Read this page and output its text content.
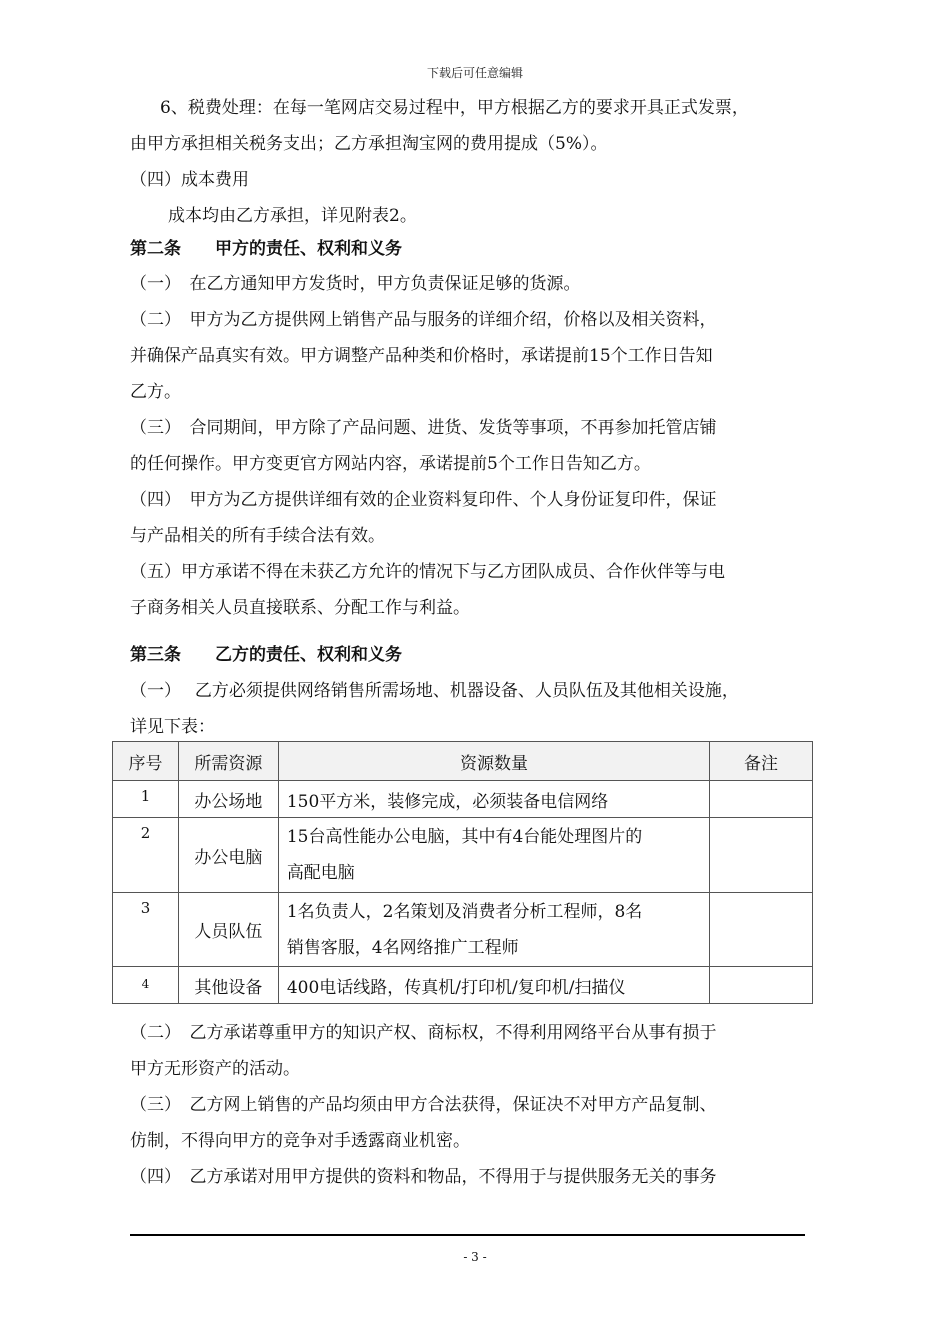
下载后可任意编辑
6、税费处理：在每一笔网店交易过程中，甲方根据乙方的要求开具正式发票，
由甲方承担相关税务支出；乙方承担淘宝网的费用提成（5%）。
（四）成本费用
成本均由乙方承担，详见附表2。
第二条　　甲方的责任、权利和义务
（一）　在乙方通知甲方发货时，甲方负责保证足够的货源。
（二）　甲方为乙方提供网上销售产品与服务的详细介绍，价格以及相关资料，
并确保产品真实有效。甲方调整产品种类和价格时，承诺提前15个工作日告知
乙方。
（三）　合同期间，甲方除了产品问题、进货、发货等事项，不再参加托管店铺
的任何操作。甲方变更官方网站内容，承诺提前5个工作日告知乙方。
（四）　甲方为乙方提供详细有效的企业资料复印件、个人身份证复印件，保证
与产品相关的所有手续合法有效。
（五）甲方承诺不得在未获乙方允许的情况下与乙方团队成员、合作伙伴等与电
子商务相关人员直接联系、分配工作与利益。
第三条　　乙方的责任、权利和义务
（一）　 乙方必须提供网络销售所需场地、机器设备、人员队伍及其他相关设施，
详见下表：
序号	所需资源	资源数量	备注
1	办公场地	150平方米，装修完成，必须装备电信网络	
2	办公电脑	15台高性能办公电脑，其中有4台能处理图片的
高配电脑	

3	人员队伍	1名负责人，2名策划及消费者分析工程师，8名
销售客服，4名网络推广工程师	

4	其他设备	400电话线路，传真机/打印机/复印机/扫描仪	
（二）　乙方承诺尊重甲方的知识产权、商标权，不得利用网络平台从事有损于
甲方无形资产的活动。
（三）　乙方网上销售的产品均须由甲方合法获得，保证决不对甲方产品复制、
仿制，不得向甲方的竞争对手透露商业机密。
（四）　乙方承诺对用甲方提供的资料和物品，不得用于与提供服务无关的事务
- 3 -
